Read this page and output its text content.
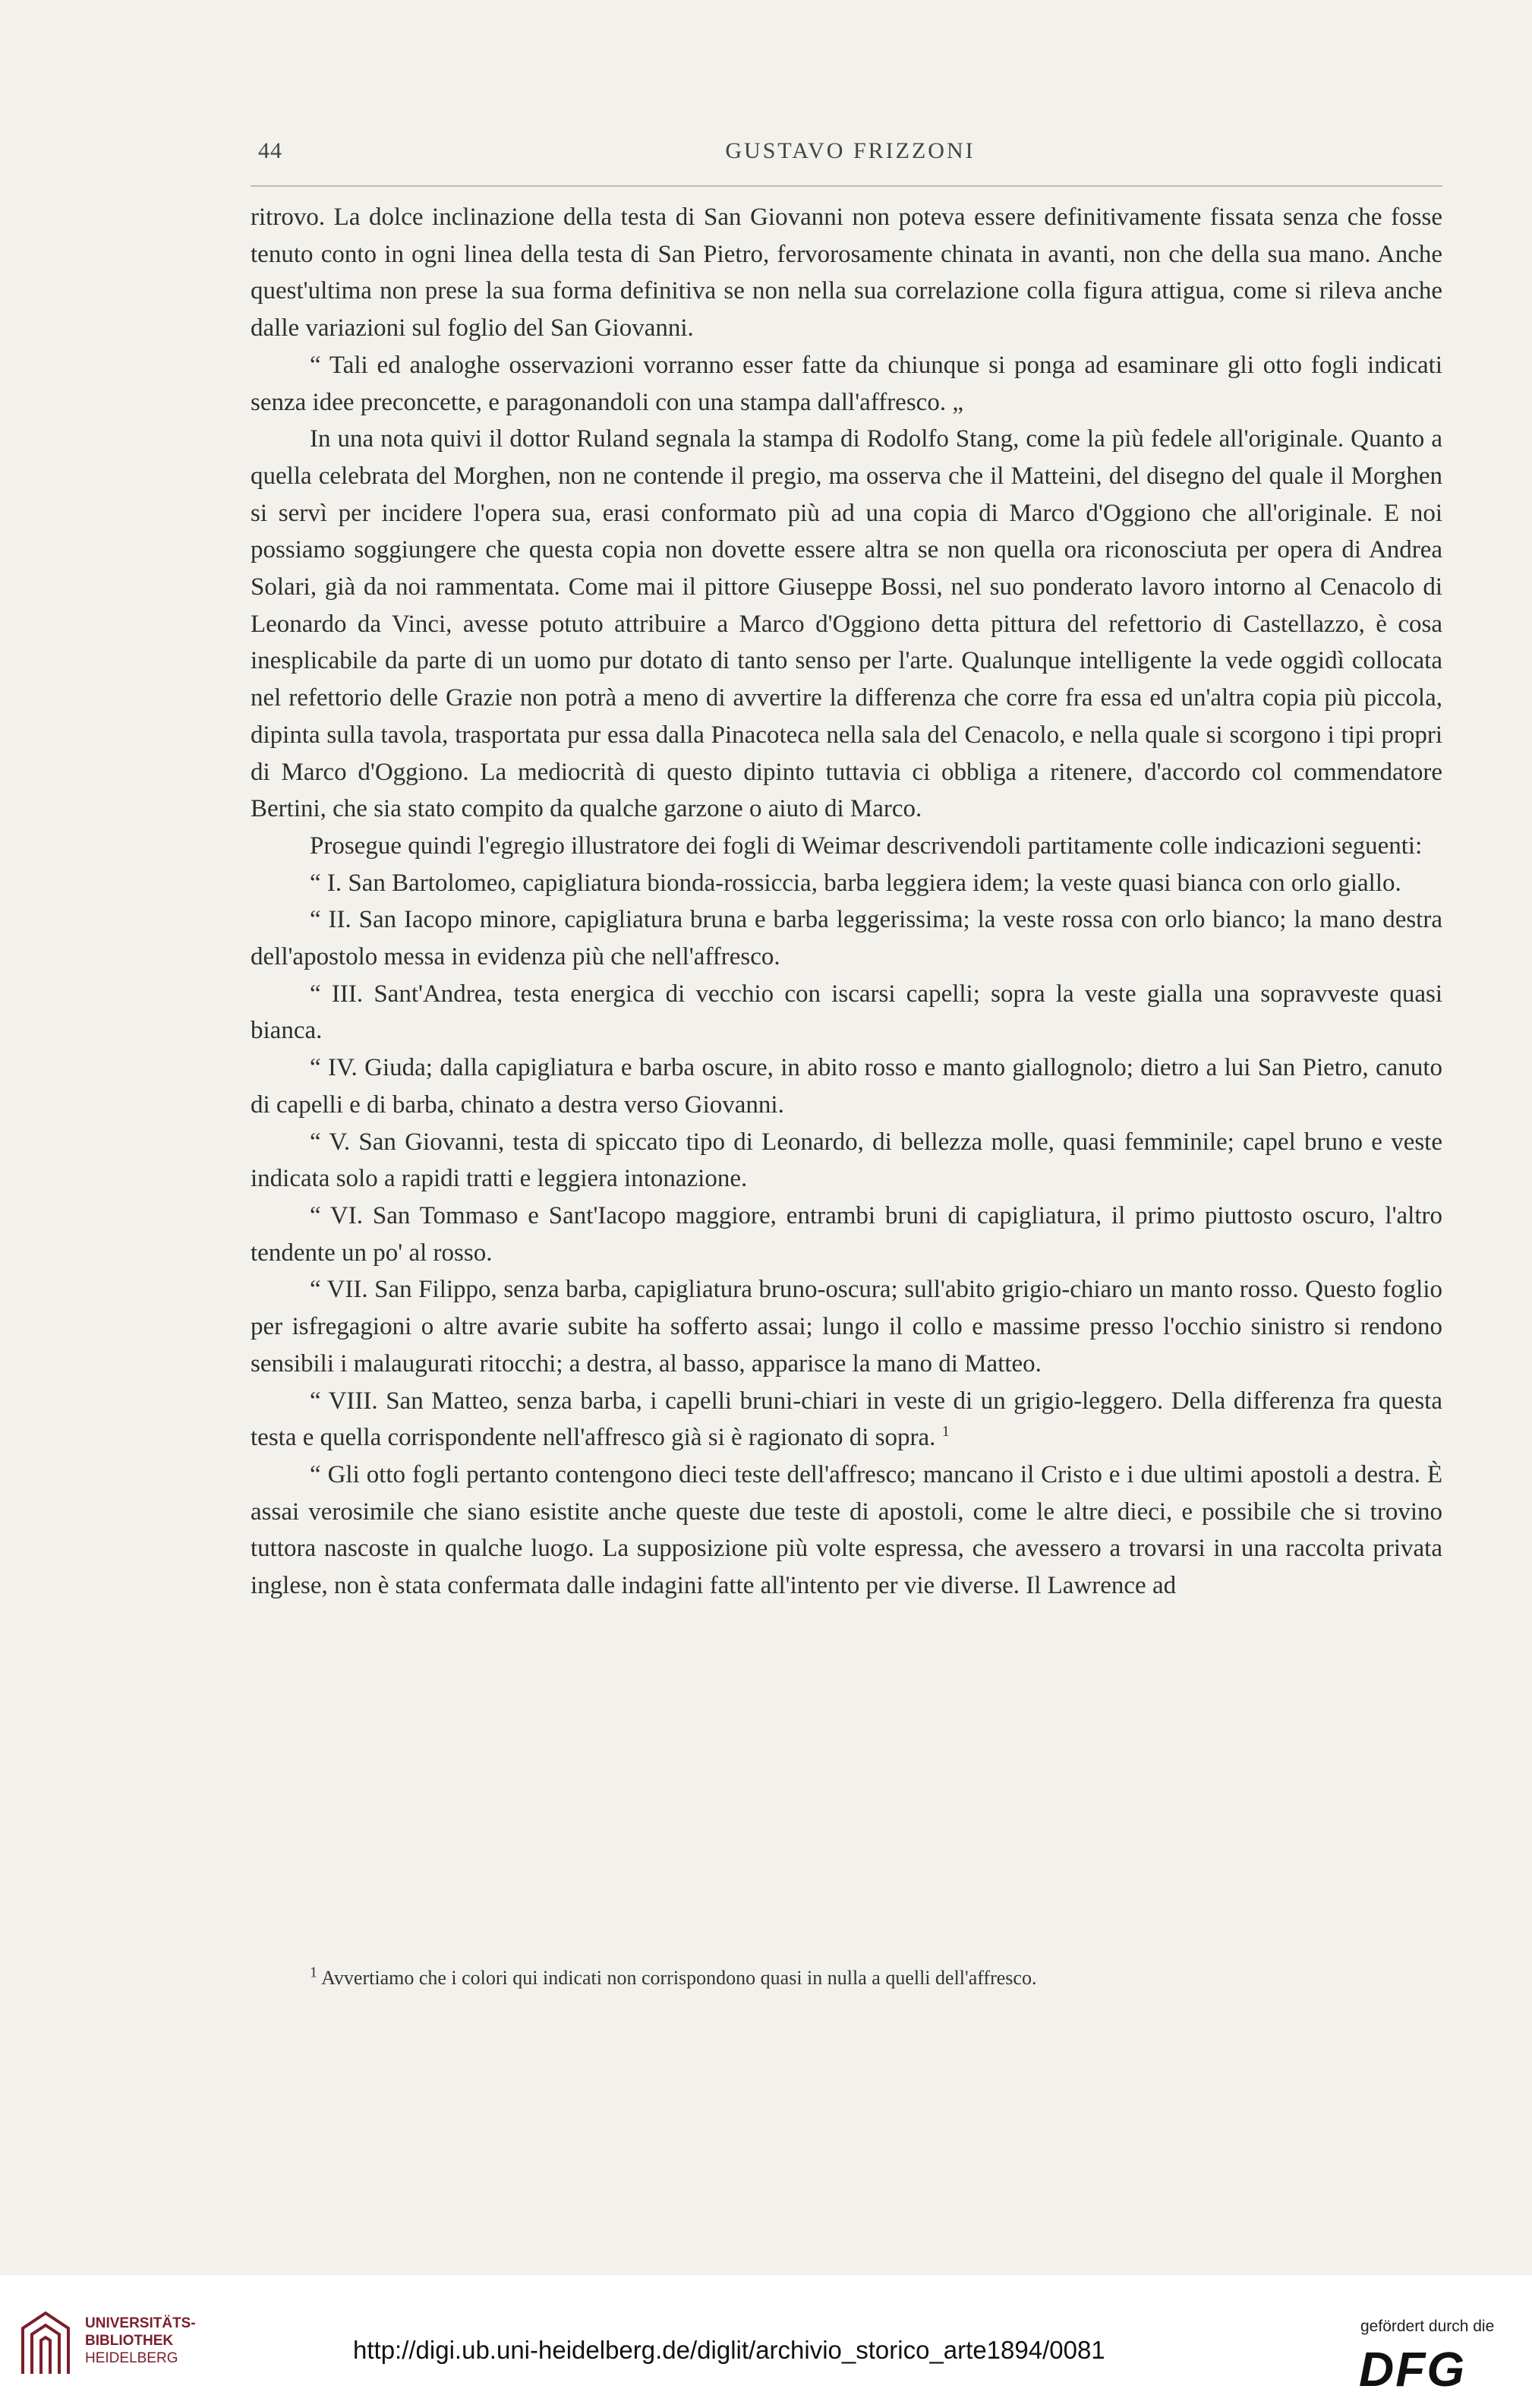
44	GUSTAVO FRIZZONI

ritrovo. La dolce inclinazione della testa di San Giovanni non poteva essere definitivamente fissata senza che fosse tenuto conto in ogni linea della testa di San Pietro, fervorosamente chinata in avanti, non che della sua mano. Anche quest'ultima non prese la sua forma definitiva se non nella sua correlazione colla figura attigua, come si rileva anche dalle variazioni sul foglio del San Giovanni.

“ Tali ed analoghe osservazioni vorranno esser fatte da chiunque si ponga ad esaminare gli otto fogli indicati senza idee preconcette, e paragonandoli con una stampa dall'affresco. „

In una nota quivi il dottor Ruland segnala la stampa di Rodolfo Stang, come la più fedele all'originale. Quanto a quella celebrata del Morghen, non ne contende il pregio, ma osserva che il Matteini, del disegno del quale il Morghen si servì per incidere l'opera sua, erasi conformato più ad una copia di Marco d'Oggiono che all'originale. E noi possiamo soggiungere che questa copia non dovette essere altra se non quella ora riconosciuta per opera di Andrea Solari, già da noi rammentata. Come mai il pittore Giuseppe Bossi, nel suo ponderato lavoro intorno al Cenacolo di Leonardo da Vinci, avesse potuto attribuire a Marco d'Oggiono detta pittura del refettorio di Castellazzo, è cosa inesplicabile da parte di un uomo pur dotato di tanto senso per l'arte. Qualunque intelligente la vede oggidì collocata nel refettorio delle Grazie non potrà a meno di avvertire la differenza che corre fra essa ed un'altra copia più piccola, dipinta sulla tavola, trasportata pur essa dalla Pinacoteca nella sala del Cenacolo, e nella quale si scorgono i tipi propri di Marco d'Oggiono. La mediocrità di questo dipinto tuttavia ci obbliga a ritenere, d'accordo col commendatore Bertini, che sia stato compito da qualche garzone o aiuto di Marco.

Prosegue quindi l'egregio illustratore dei fogli di Weimar descrivendoli partitamente colle indicazioni seguenti:

“ I. San Bartolomeo, capigliatura bionda-rossiccia, barba leggiera idem; la veste quasi bianca con orlo giallo.

“ II. San Iacopo minore, capigliatura bruna e barba leggerissima; la veste rossa con orlo bianco; la mano destra dell'apostolo messa in evidenza più che nell'affresco.

“ III. Sant'Andrea, testa energica di vecchio con iscarsi capelli; sopra la veste gialla una sopravveste quasi bianca.

“ IV. Giuda; dalla capigliatura e barba oscure, in abito rosso e manto giallognolo; dietro a lui San Pietro, canuto di capelli e di barba, chinato a destra verso Giovanni.

“ V. San Giovanni, testa di spiccato tipo di Leonardo, di bellezza molle, quasi femminile; capel bruno e veste indicata solo a rapidi tratti e leggiera intonazione.

“ VI. San Tommaso e Sant'Iacopo maggiore, entrambi bruni di capigliatura, il primo piuttosto oscuro, l'altro tendente un po' al rosso.

“ VII. San Filippo, senza barba, capigliatura bruno-oscura; sull'abito grigio-chiaro un manto rosso. Questo foglio per isfregagioni o altre avarie subite ha sofferto assai; lungo il collo e massime presso l'occhio sinistro si rendono sensibili i malaugurati ritocchi; a destra, al basso, apparisce la mano di Matteo.

“ VIII. San Matteo, senza barba, i capelli bruni-chiari in veste di un grigio-leggero. Della differenza fra questa testa e quella corrispondente nell'affresco già si è ragionato di sopra. $^1$

“ Gli otto fogli pertanto contengono dieci teste dell'affresco; mancano il Cristo e i due ultimi apostoli a destra. È assai verosimile che siano esistite anche queste due teste di apostoli, come le altre dieci, e possibile che si trovino tuttora nascoste in qualche luogo. La supposizione più volte espressa, che avessero a trovarsi in una raccolta privata inglese, non è stata confermata dalle indagini fatte all'intento per vie diverse. Il Lawrence ad

$^1$ Avvertiamo che i colori qui indicati non corrispondono quasi in nulla a quelli dell'affresco.
UNIVERSITÄTS-
BIBLIOTHEK
HEIDELBERG	http://digi.ub.uni-heidelberg.de/diglit/archivio_storico_arte1894/0081
gefördert durch die
DFG
